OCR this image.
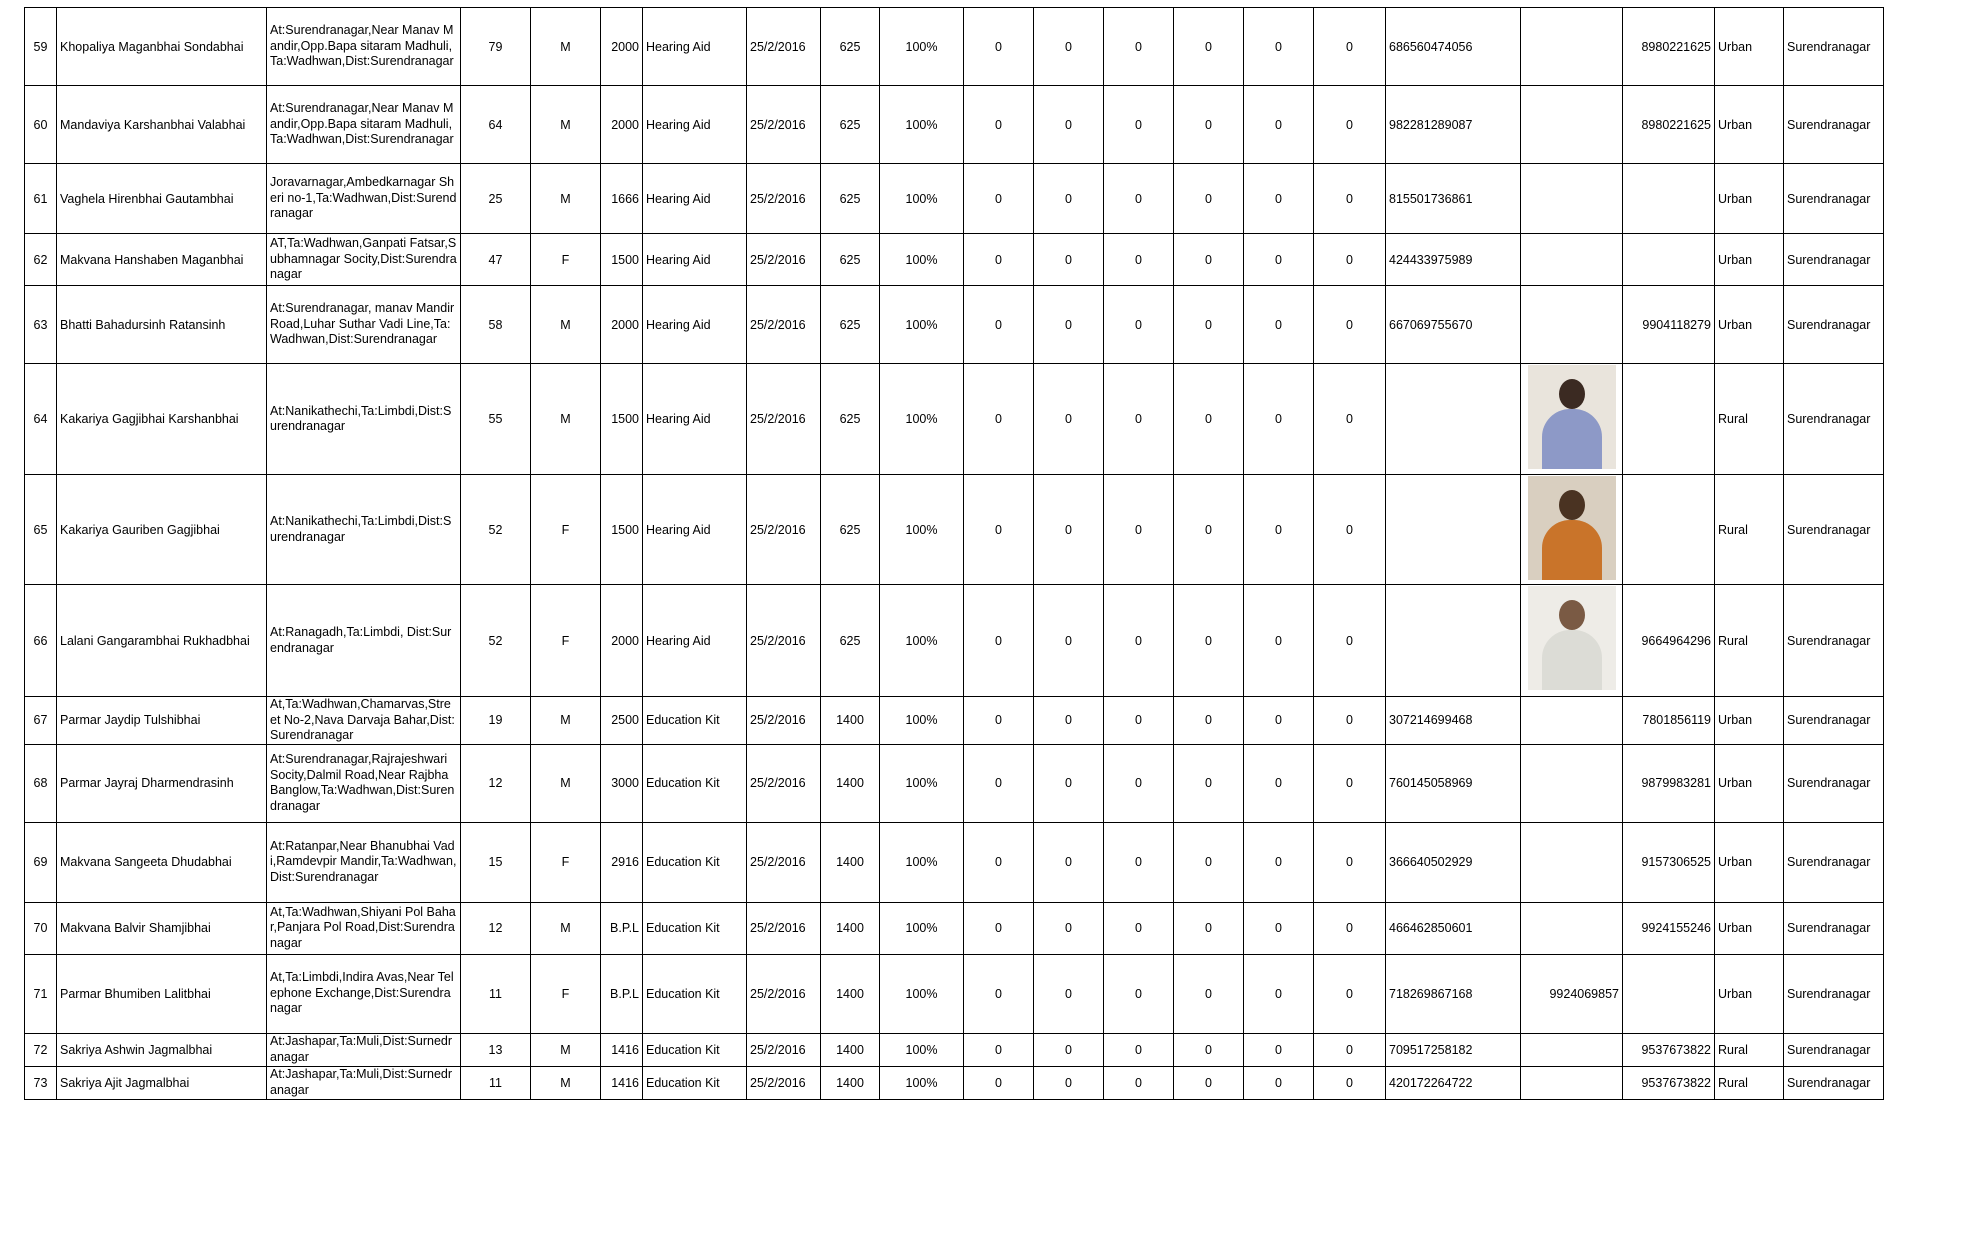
59	Khopaliya Maganbhai Sondabhai	At:Surendranagar,Near Manav Mandir,Opp.Bapa sitaram Madhuli,Ta:Wadhwan,Dist:Surendranagar	79	M	2000	Hearing Aid	25/2/2016	625	100%	0	0	0	0	0	0	686560474056		8980221625	Urban	Surendranagar
60	Mandaviya Karshanbhai Valabhai	At:Surendranagar,Near Manav Mandir,Opp.Bapa sitaram Madhuli,Ta:Wadhwan,Dist:Surendranagar	64	M	2000	Hearing Aid	25/2/2016	625	100%	0	0	0	0	0	0	982281289087		8980221625	Urban	Surendranagar
61	Vaghela Hirenbhai Gautambhai	Joravarnagar,Ambedkarnagar Sheri no-1,Ta:Wadhwan,Dist:Surendranagar	25	M	1666	Hearing Aid	25/2/2016	625	100%	0	0	0	0	0	0	815501736861			Urban	Surendranagar
62	Makvana Hanshaben Maganbhai	AT,Ta:Wadhwan,Ganpati Fatsar,Subhamnagar Socity,Dist:Surendranagar	47	F	1500	Hearing Aid	25/2/2016	625	100%	0	0	0	0	0	0	424433975989			Urban	Surendranagar
63	Bhatti Bahadursinh Ratansinh	At:Surendranagar, manav Mandir Road,Luhar Suthar Vadi Line,Ta:Wadhwan,Dist:Surendranagar	58	M	2000	Hearing Aid	25/2/2016	625	100%	0	0	0	0	0	0	667069755670		9904118279	Urban	Surendranagar
64	Kakariya Gagjibhai Karshanbhai	At:Nanikathechi,Ta:Limbdi,Dist:Surendranagar	55	M	1500	Hearing Aid	25/2/2016	625	100%	0	0	0	0	0	0				Rural	Surendranagar
65	Kakariya Gauriben Gagjibhai	At:Nanikathechi,Ta:Limbdi,Dist:Surendranagar	52	F	1500	Hearing Aid	25/2/2016	625	100%	0	0	0	0	0	0				Rural	Surendranagar
66	Lalani Gangarambhai Rukhadbhai	At:Ranagadh,Ta:Limbdi, Dist:Surendranagar	52	F	2000	Hearing Aid	25/2/2016	625	100%	0	0	0	0	0	0			9664964296	Rural	Surendranagar
67	Parmar Jaydip Tulshibhai	At,Ta:Wadhwan,Chamarvas,Street No-2,Nava Darvaja Bahar,Dist:Surendranagar	19	M	2500	Education Kit	25/2/2016	1400	100%	0	0	0	0	0	0	307214699468		7801856119	Urban	Surendranagar
68	Parmar Jayraj Dharmendrasinh	At:Surendranagar,Rajrajeshwari Socity,Dalmil Road,Near Rajbha Banglow,Ta:Wadhwan,Dist:Surendranagar	12	M	3000	Education Kit	25/2/2016	1400	100%	0	0	0	0	0	0	760145058969		9879983281	Urban	Surendranagar
69	Makvana Sangeeta Dhudabhai	At:Ratanpar,Near Bhanubhai Vadi,Ramdevpir Mandir,Ta:Wadhwan,Dist:Surendranagar	15	F	2916	Education Kit	25/2/2016	1400	100%	0	0	0	0	0	0	366640502929		9157306525	Urban	Surendranagar
70	Makvana Balvir Shamjibhai	At,Ta:Wadhwan,Shiyani Pol Bahar,Panjara Pol Road,Dist:Surendranagar	12	M	B.P.L	Education Kit	25/2/2016	1400	100%	0	0	0	0	0	0	466462850601		9924155246	Urban	Surendranagar
71	Parmar Bhumiben Lalitbhai	At,Ta:Limbdi,Indira Avas,Near Telephone Exchange,Dist:Surendranagar	11	F	B.P.L	Education Kit	25/2/2016	1400	100%	0	0	0	0	0	0	718269867168	9924069857		Urban	Surendranagar
72	Sakriya Ashwin Jagmalbhai	At:Jashapar,Ta:Muli,Dist:Surnedranagar	13	M	1416	Education Kit	25/2/2016	1400	100%	0	0	0	0	0	0	709517258182		9537673822	Rural	Surendranagar
73	Sakriya Ajit Jagmalbhai	At:Jashapar,Ta:Muli,Dist:Surnedranagar	11	M	1416	Education Kit	25/2/2016	1400	100%	0	0	0	0	0	0	420172264722		9537673822	Rural	Surendranagar
